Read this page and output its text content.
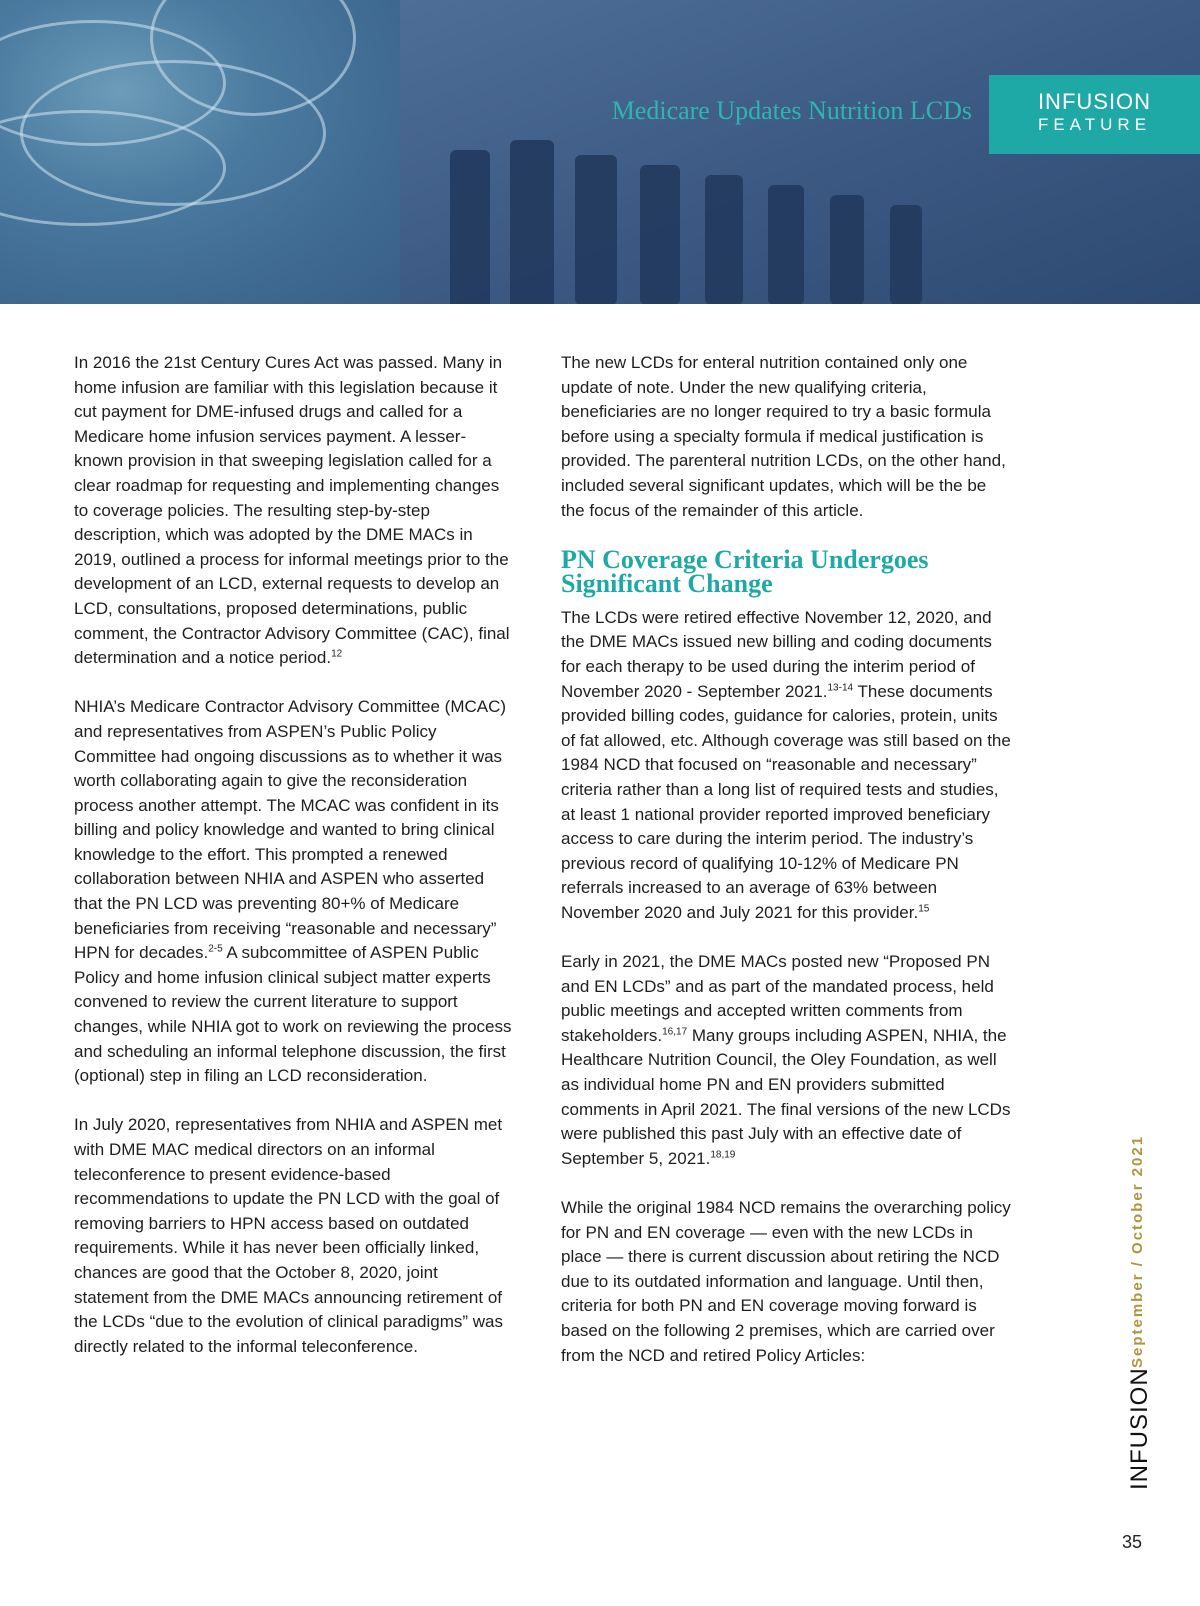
Medicare Updates Nutrition LCDs	INFUSION
FEATURE

In 2016 the 21st Century Cures Act was passed. Many in home infusion are familiar with this legislation because it cut payment for DME-infused drugs and called for a Medicare home infusion services payment. A lesser-known provision in that sweeping legislation called for a clear roadmap for requesting and implementing changes to coverage policies. The resulting step-by-step description, which was adopted by the DME MACs in 2019, outlined a process for informal meetings prior to the development of an LCD, external requests to develop an LCD, consultations, proposed determinations, public comment, the Contractor Advisory Committee (CAC), final determination and a notice period.$^{12}$

NHIA’s Medicare Contractor Advisory Committee (MCAC) and representatives from ASPEN’s Public Policy Committee had ongoing discussions as to whether it was worth collaborating again to give the reconsideration process another attempt. The MCAC was confident in its billing and policy knowledge and wanted to bring clinical knowledge to the effort. This prompted a renewed collaboration between NHIA and ASPEN who asserted that the PN LCD was preventing 80+% of Medicare beneficiaries from receiving “reasonable and necessary” HPN for decades.$^{2-5}$ A subcommittee of ASPEN Public Policy and home infusion clinical subject matter experts convened to review the current literature to support changes, while NHIA got to work on reviewing the process and scheduling an informal telephone discussion, the first (optional) step in filing an LCD reconsideration.

In July 2020, representatives from NHIA and ASPEN met with DME MAC medical directors on an informal teleconference to present evidence-based recommendations to update the PN LCD with the goal of removing barriers to HPN access based on outdated requirements. While it has never been officially linked, chances are good that the October 8, 2020, joint statement from the DME MACs announcing retirement of the LCDs “due to the evolution of clinical paradigms” was directly related to the informal teleconference.

The new LCDs for enteral nutrition contained only one update of note. Under the new qualifying criteria, beneficiaries are no longer required to try a basic formula before using a specialty formula if medical justification is provided. The parenteral nutrition LCDs, on the other hand, included several significant updates, which will be the be the focus of the remainder of this article.

PN Coverage Criteria Undergoes Significant Change

The LCDs were retired effective November 12, 2020, and the DME MACs issued new billing and coding documents for each therapy to be used during the interim period of November 2020 - September 2021.$^{13-14}$ These documents provided billing codes, guidance for calories, protein, units of fat allowed, etc. Although coverage was still based on the 1984 NCD that focused on “reasonable and necessary” criteria rather than a long list of required tests and studies, at least 1 national provider reported improved beneficiary access to care during the interim period. The industry’s previous record of qualifying 10-12% of Medicare PN referrals increased to an average of 63% between November 2020 and July 2021 for this provider.$^{15}$

Early in 2021, the DME MACs posted new “Proposed PN and EN LCDs” and as part of the mandated process, held public meetings and accepted written comments from stakeholders.$^{16,17}$ Many groups including ASPEN, NHIA, the Healthcare Nutrition Council, the Oley Foundation, as well as individual home PN and EN providers submitted comments in April 2021. The final versions of the new LCDs were published this past July with an effective date of September 5, 2021.$^{18,19}$

While the original 1984 NCD remains the overarching policy for PN and EN coverage — even with the new LCDs in place — there is current discussion about retiring the NCD due to its outdated information and language. Until then, criteria for both PN and EN coverage moving forward is based on the following 2 premises, which are carried over from the NCD and retired Policy Articles:	September / October 2021
INFUSION
35
